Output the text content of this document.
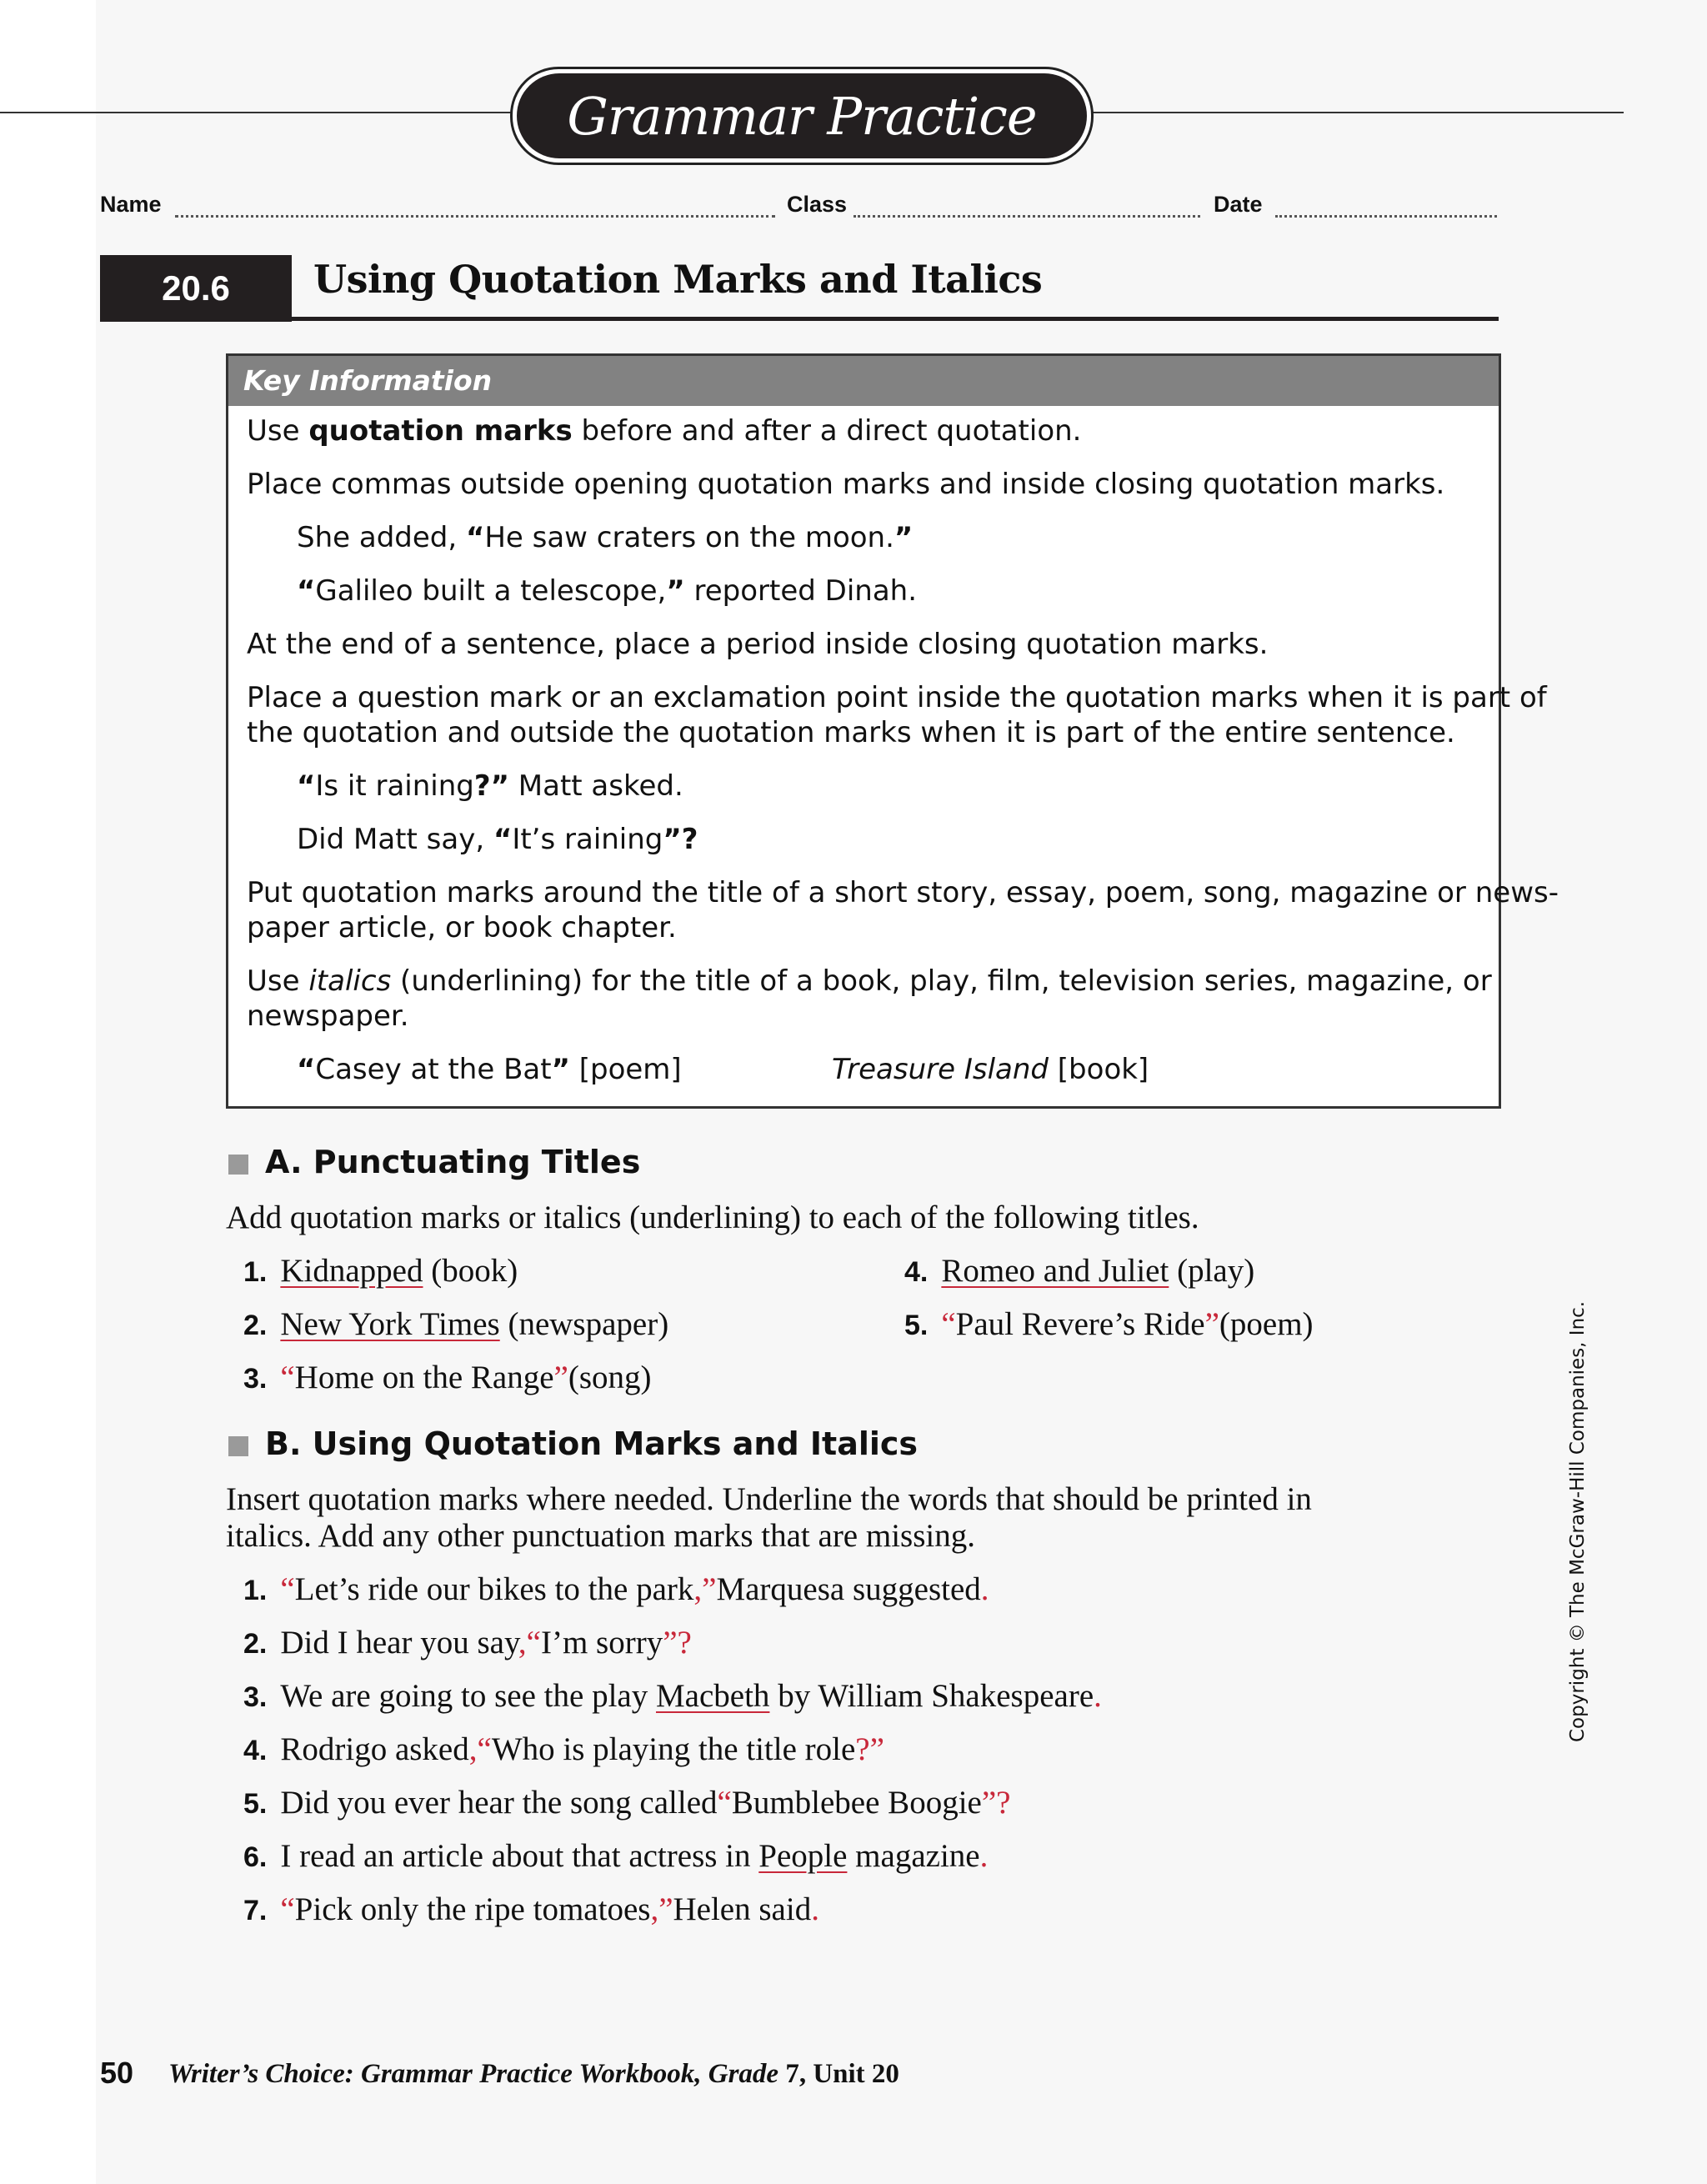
Grammar Practice
Name	Class	Date
20.6	Using Quotation Marks and Italics
Key Information
Use quotation marks before and after a direct quotation.
Place commas outside opening quotation marks and inside closing quotation marks.
She added, “He saw craters on the moon.”
“Galileo built a telescope,” reported Dinah.
At the end of a sentence, place a period inside closing quotation marks.
Place a question mark or an exclamation point inside the quotation marks when it is part of
the quotation and outside the quotation marks when it is part of the entire sentence.
“Is it raining?” Matt asked.
Did Matt say, “It’s raining”?
Put quotation marks around the title of a short story, essay, poem, song, magazine or news-
paper article, or book chapter.
Use italics (underlining) for the title of a book, play, film, television series, magazine, or
newspaper.
“Casey at the Bat” [poem]	Treasure Island [book]
A. Punctuating Titles
Add quotation marks or italics (underlining) to each of the following titles.
1. Kidnapped (book)
2. New York Times (newspaper)
3. “Home on the Range”(song)
4. Romeo and Juliet (play)
5. “Paul Revere’s Ride”(poem)
B. Using Quotation Marks and Italics
Insert quotation marks where needed. Underline the words that should be printed in
italics. Add any other punctuation marks that are missing.
1. “Let’s ride our bikes to the park,”Marquesa suggested.
2. Did I hear you say,“I’m sorry”?
3. We are going to see the play Macbeth by William Shakespeare.
4. Rodrigo asked,“Who is playing the title role?”
5. Did you ever hear the song called“Bumblebee Boogie”?
6. I read an article about that actress in People magazine.
7. “Pick only the ripe tomatoes,”Helen said.
Copyright © The McGraw-Hill Companies, Inc.
50 Writer’s Choice: Grammar Practice Workbook, Grade 7, Unit 20
